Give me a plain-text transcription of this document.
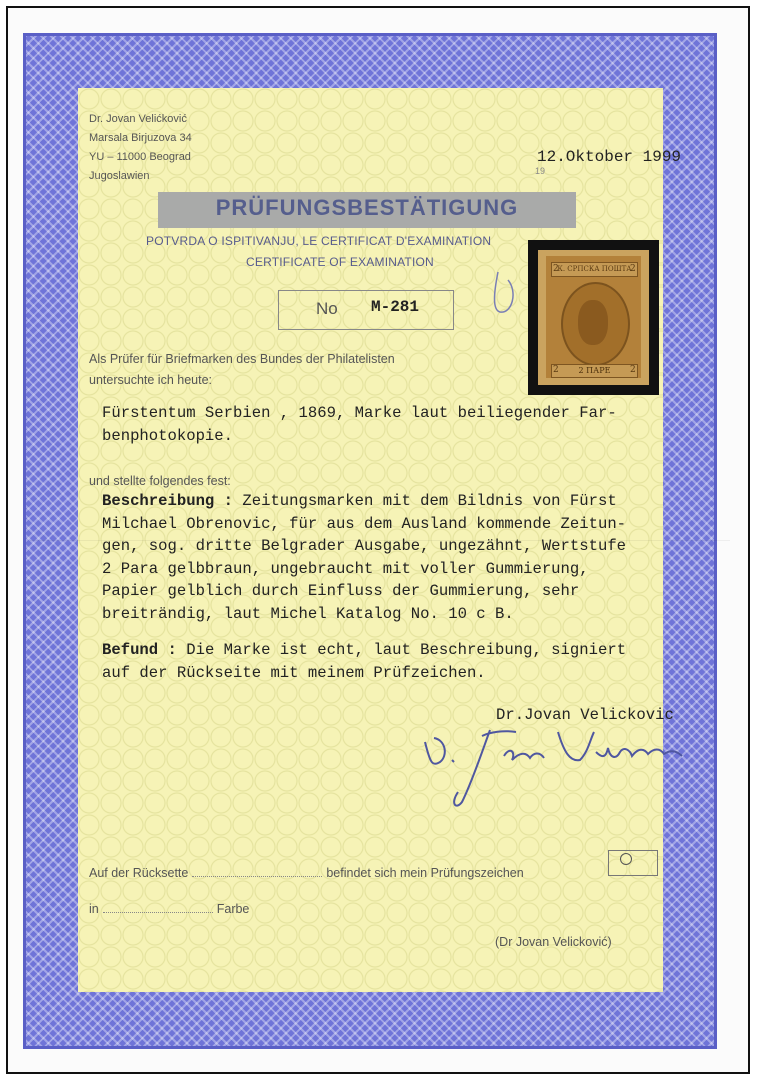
Dr. Jovan Velićković
Marsala Birjuzova 34
YU – 11000 Beograd
Jugoslawien
12.Oktober 1999
19
PRÜFUNGSBESTÄTIGUNG
POTVRDA O ISPITIVANJU, LE CERTIFICAT D'EXAMINATION
CERTIFICATE OF EXAMINATION
No M-281
Als Prüfer für Briefmarken des Bundes der Philatelisten
untersuchte ich heute:
Fürstentum Serbien , 1869, Marke laut beiliegender Far-
benphotokopie.
und stellte folgendes fest:
Beschreibung : Zeitungsmarken mit dem Bildnis von Fürst
Milchael Obrenovic, für aus dem Ausland kommende Zeitun-
gen, sog. dritte Belgrader Ausgabe, ungezähnt, Wertstufe
2 Para gelbbraun, ungebraucht mit voller Gummierung,
Papier gelblich durch Einfluss der Gummierung, sehr
breiträndig, laut Michel Katalog No. 10 c B.
Befund : Die Marke ist echt, laut Beschreibung, signiert
auf der Rückseite mit meinem Prüfzeichen.
Dr.Jovan Velickovic
Auf der Rücksette	befindet sich mein Prüfungszeichen
in	Farbe
(Dr Jovan Velicković)
К. СРПСКА ПОШТА
2 ПАРЕ
2	2
2	2
